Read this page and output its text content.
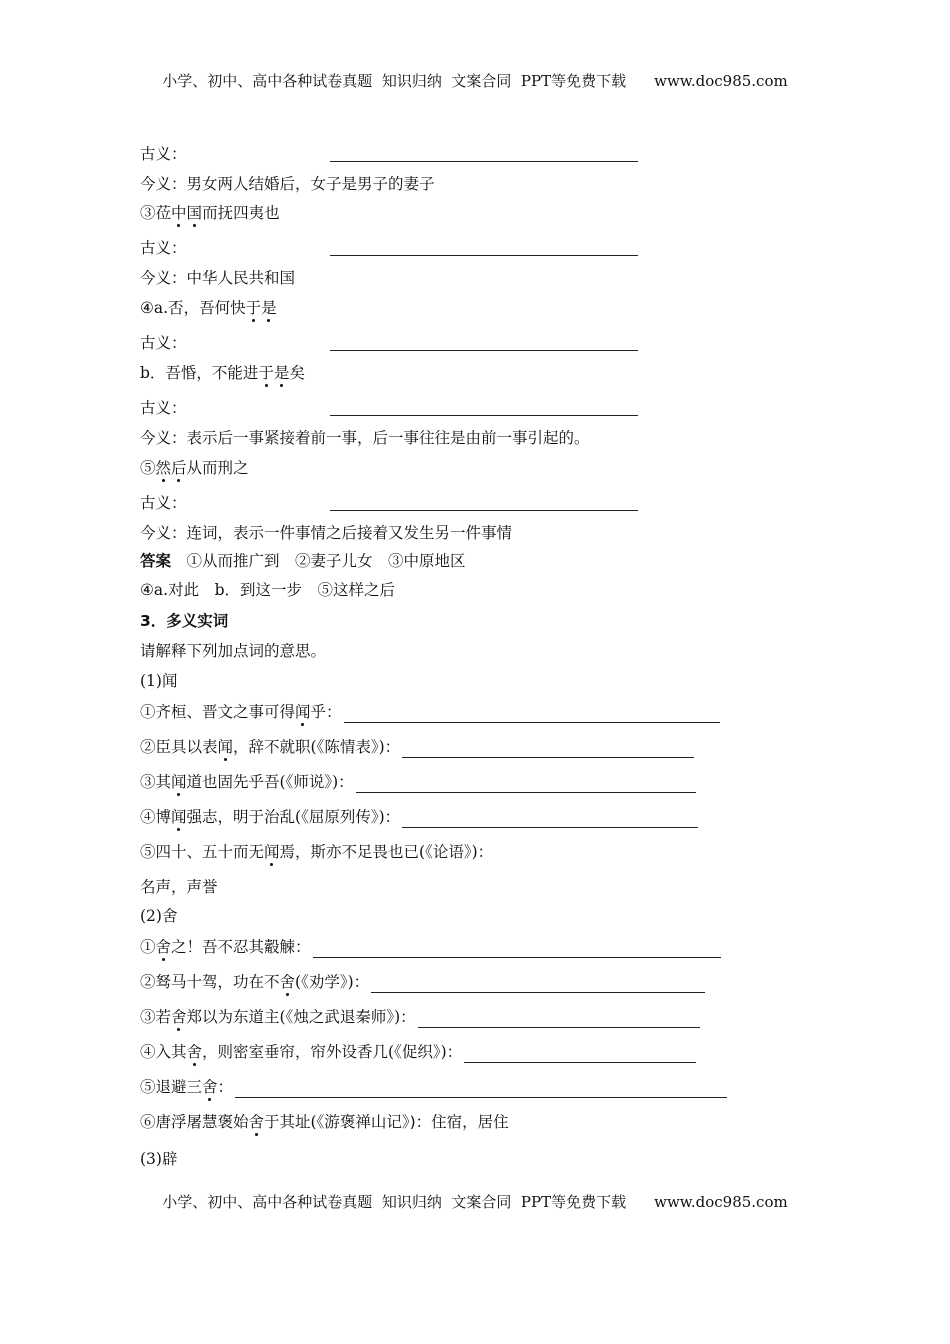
小学、初中、高中各种试卷真题  知识归纳  文案合同  PPT等免费下载 www.doc985.com
古义：
今义：男女两人结婚后，女子是男子的妻子
③莅中国而抚四夷也
古义：
今义：中华人民共和国
④a.否，吾何快于是
古义：
b．吾惛，不能进于是矣
古义：
今义：表示后一事紧接着前一事，后一事往往是由前一事引起的。
⑤然后从而刑之
古义：
今义：连词，表示一件事情之后接着又发生另一件事情
答案　①从而推广到　②妻子儿女　③中原地区
④a.对此　b．到这一步　⑤这样之后
3．多义实词
请解释下列加点词的意思。
(1)闻
①齐桓、晋文之事可得闻乎：
②臣具以表闻，辞不就职(《陈情表》)：
③其闻道也固先乎吾(《师说》)：
④博闻强志，明于治乱(《屈原列传》)：
⑤四十、五十而无闻焉，斯亦不足畏也已(《论语》)：
名声，声誉
(2)舍
①舍之！吾不忍其觳觫：
②驽马十驾，功在不舍(《劝学》)：
③若舍郑以为东道主(《烛之武退秦师》)：
④入其舍，则密室垂帘，帘外设香几(《促织》)：
⑤退避三舍：
⑥唐浮屠慧褒始舍于其址(《游褒禅山记》)：住宿，居住
(3)辟
小学、初中、高中各种试卷真题  知识归纳  文案合同  PPT等免费下载 www.doc985.com
